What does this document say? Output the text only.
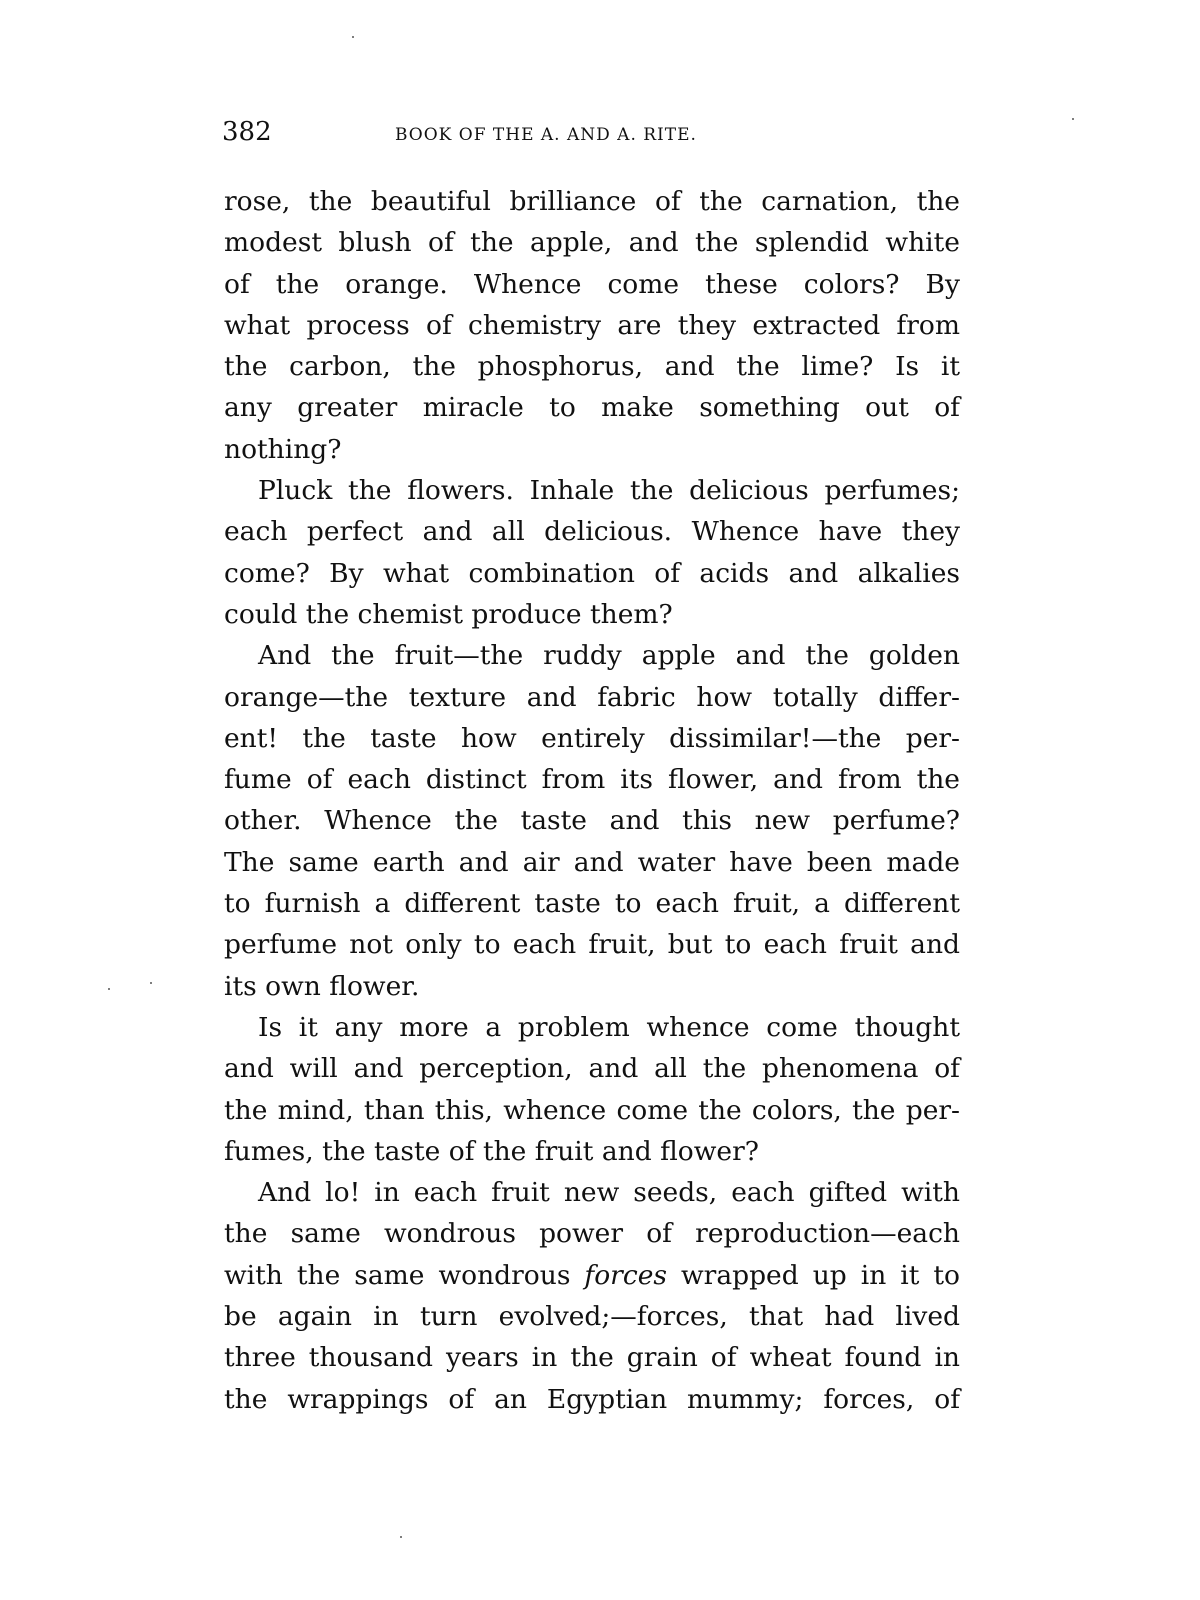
382	BOOK OF THE A. AND A. RITE.
rose, the beautiful brilliance of the carnation, the
modest blush of the apple, and the splendid white
of the orange. Whence come these colors? By
what process of chemistry are they extracted from
the carbon, the phosphorus, and the lime? Is it
any greater miracle to make something out of
nothing?
Pluck the flowers. Inhale the delicious perfumes;
each perfect and all delicious. Whence have they
come? By what combination of acids and alkalies
could the chemist produce them?
And the fruit—the ruddy apple and the golden
orange—the texture and fabric how totally differ-
ent! the taste how entirely dissimilar!—the per-
fume of each distinct from its flower, and from the
other. Whence the taste and this new perfume?
The same earth and air and water have been made
to furnish a different taste to each fruit, a different
perfume not only to each fruit, but to each fruit and
its own flower.
Is it any more a problem whence come thought
and will and perception, and all the phenomena of
the mind, than this, whence come the colors, the per-
fumes, the taste of the fruit and flower?
And lo! in each fruit new seeds, each gifted with
the same wondrous power of reproduction—each
with the same wondrous forces wrapped up in it to
be again in turn evolved;—forces, that had lived
three thousand years in the grain of wheat found in
the wrappings of an Egyptian mummy; forces, of
